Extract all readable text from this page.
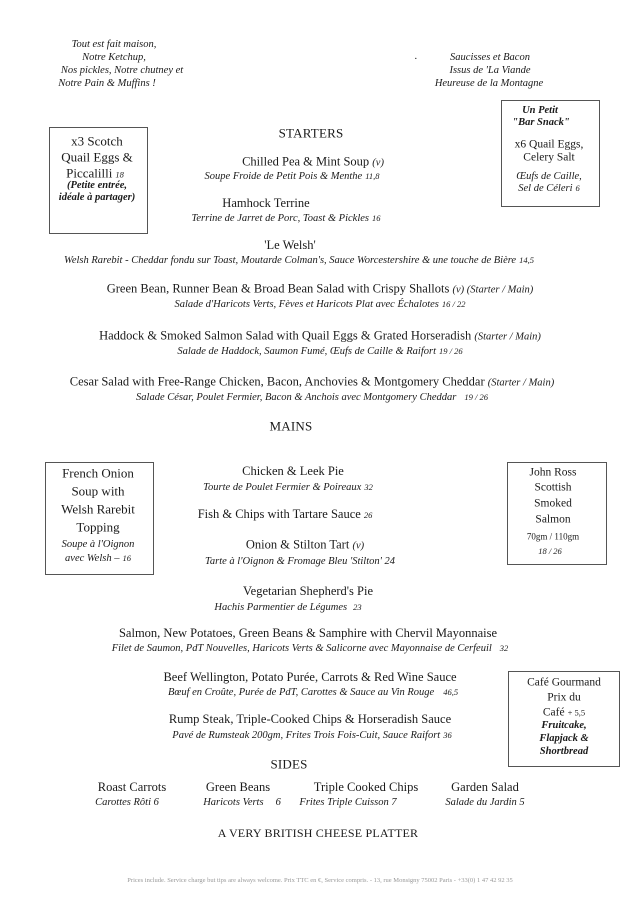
Tout est fait maison,
Notre Ketchup,
Nos pickles, Notre chutney et
Notre Pain & Muffins !
.	Saucisses et Bacon
Issus de 'La Viande
Heureuse de la Montagne
x3 Scotch
Quail Eggs &
Piccalilli 18
(Petite entrée,
idéale à partager)
Un Petit
"Bar Snack"
x6 Quail Eggs,
Celery Salt
Œufs de Caille,
Sel de Céleri 6
STARTERS
Chilled Pea & Mint Soup (v)
Soupe Froide de Petit Pois & Menthe 11,8
Hamhock Terrine
Terrine de Jarret de Porc, Toast & Pickles 16
'Le Welsh'
Welsh Rarebit - Cheddar fondu sur Toast, Moutarde Colman's, Sauce Worcestershire & une touche de Bière 14,5
Green Bean, Runner Bean & Broad Bean Salad with Crispy Shallots (v) (Starter / Main)
Salade d'Haricots Verts, Fèves et Haricots Plat avec Échalotes 16 / 22
Haddock & Smoked Salmon Salad with Quail Eggs & Grated Horseradish (Starter / Main)
Salade de Haddock, Saumon Fumé, Œufs de Caille & Raifort 19 / 26
Cesar Salad with Free-Range Chicken, Bacon, Anchovies & Montgomery Cheddar (Starter / Main)
Salade César, Poulet Fermier, Bacon & Anchois avec Montgomery Cheddar 19 / 26
MAINS
French Onion
Soup with
Welsh Rarebit
Topping
Soupe à l'Oignon
avec Welsh – 16
John Ross
Scottish
Smoked
Salmon
70gm / 110gm
18 / 26
Chicken & Leek Pie
Tourte de Poulet Fermier & Poireaux 32
Fish & Chips with Tartare Sauce 26
Onion & Stilton Tart (v)
Tarte à l'Oignon & Fromage Bleu 'Stilton' 24
Vegetarian Shepherd's Pie
Hachis Parmentier de Légumes 23
Salmon, New Potatoes, Green Beans & Samphire with Chervil Mayonnaise
Filet de Saumon, PdT Nouvelles, Haricots Verts & Salicorne avec Mayonnaise de Cerfeuil 32
Beef Wellington, Potato Purée, Carrots & Red Wine Sauce
Bœuf en Croûte, Purée de PdT, Carottes & Sauce au Vin Rouge 46,5
Rump Steak, Triple-Cooked Chips & Horseradish Sauce
Pavé de Rumsteak 200gm, Frites Trois Fois-Cuit, Sauce Raifort 36
Café Gourmand
Prix du
Café + 5,5
Fruitcake,
Flapjack &
Shortbread
SIDES
Roast Carrots
Carottes Rôti 6
Green Beans
Haricots Verts 6
Triple Cooked Chips
Frites Triple Cuisson 7
Garden Salad
Salade du Jardin 5
A VERY BRITISH CHEESE PLATTER
Prices include. Service charge but tips are always welcome. Prix TTC en €, Service compris. - 13, rue Monsigny 75002 Paris - +33(0) 1 47 42 92 35
